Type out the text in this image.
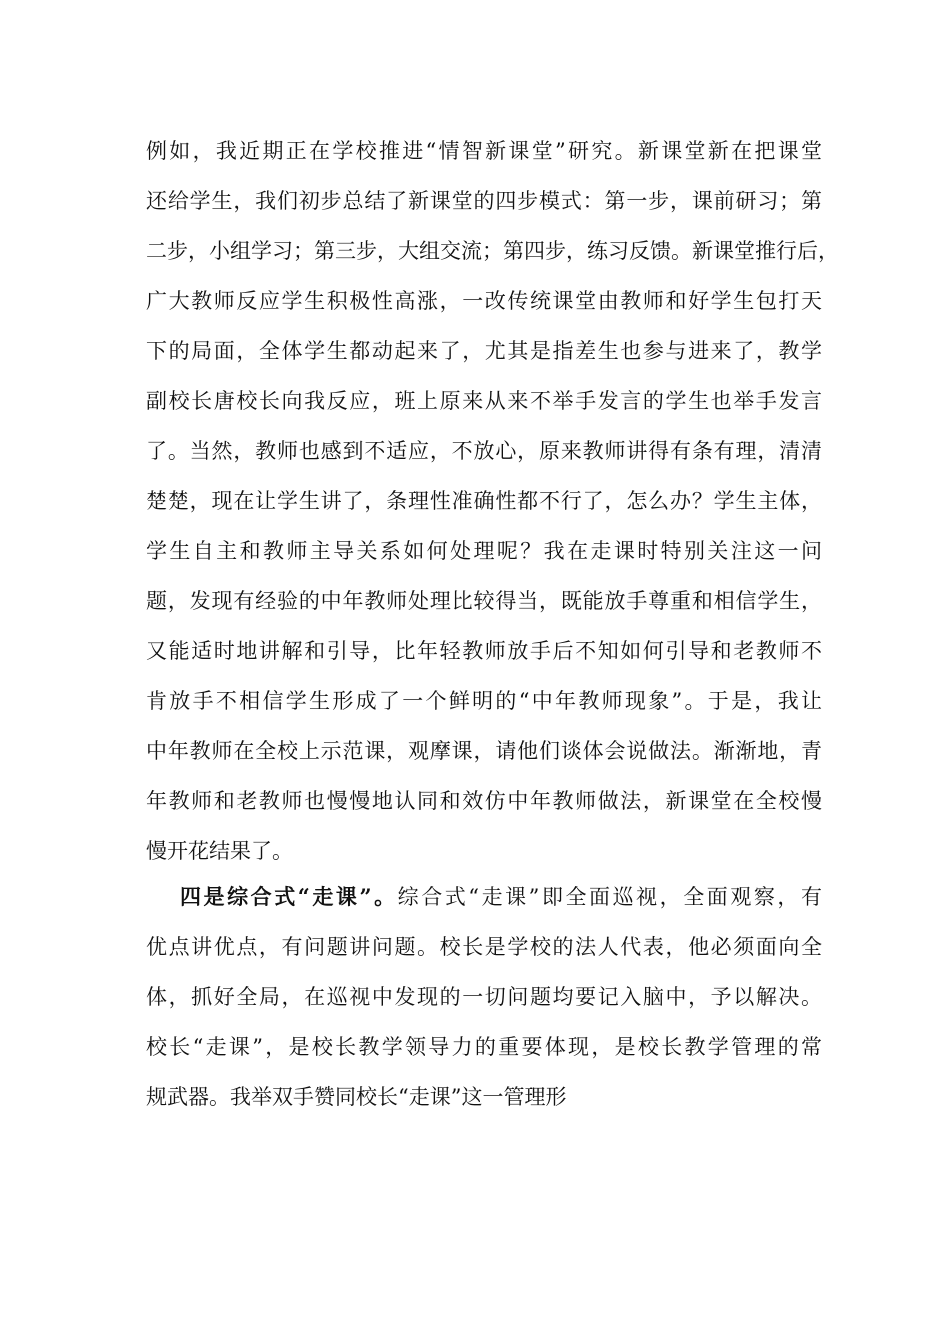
例如，我近期正在学校推进“情智新课堂”研究。新课堂新在把课堂
还给学生，我们初步总结了新课堂的四步模式：第一步，课前研习；第
二步，小组学习；第三步，大组交流；第四步，练习反馈。新课堂推行后，
广大教师反应学生积极性高涨，一改传统课堂由教师和好学生包打天
下的局面，全体学生都动起来了，尤其是指差生也参与进来了，教学
副校长唐校长向我反应，班上原来从来不举手发言的学生也举手发言
了。当然，教师也感到不适应，不放心，原来教师讲得有条有理，清清
楚楚，现在让学生讲了，条理性准确性都不行了，怎么办？学生主体，
学生自主和教师主导关系如何处理呢？我在走课时特别关注这一问
题，发现有经验的中年教师处理比较得当，既能放手尊重和相信学生，
又能适时地讲解和引导，比年轻教师放手后不知如何引导和老教师不
肯放手不相信学生形成了一个鲜明的“中年教师现象”。于是，我让
中年教师在全校上示范课，观摩课，请他们谈体会说做法。渐渐地，青
年教师和老教师也慢慢地认同和效仿中年教师做法，新课堂在全校慢
慢开花结果了。
四是综合式“走课”。综合式“走课”即全面巡视，全面观察，有
优点讲优点，有问题讲问题。校长是学校的法人代表，他必须面向全
体，抓好全局，在巡视中发现的一切问题均要记入脑中，予以解决。
校长“走课”，是校长教学领导力的重要体现，是校长教学管理的常
规武器。我举双手赞同校长“走课”这一管理形
